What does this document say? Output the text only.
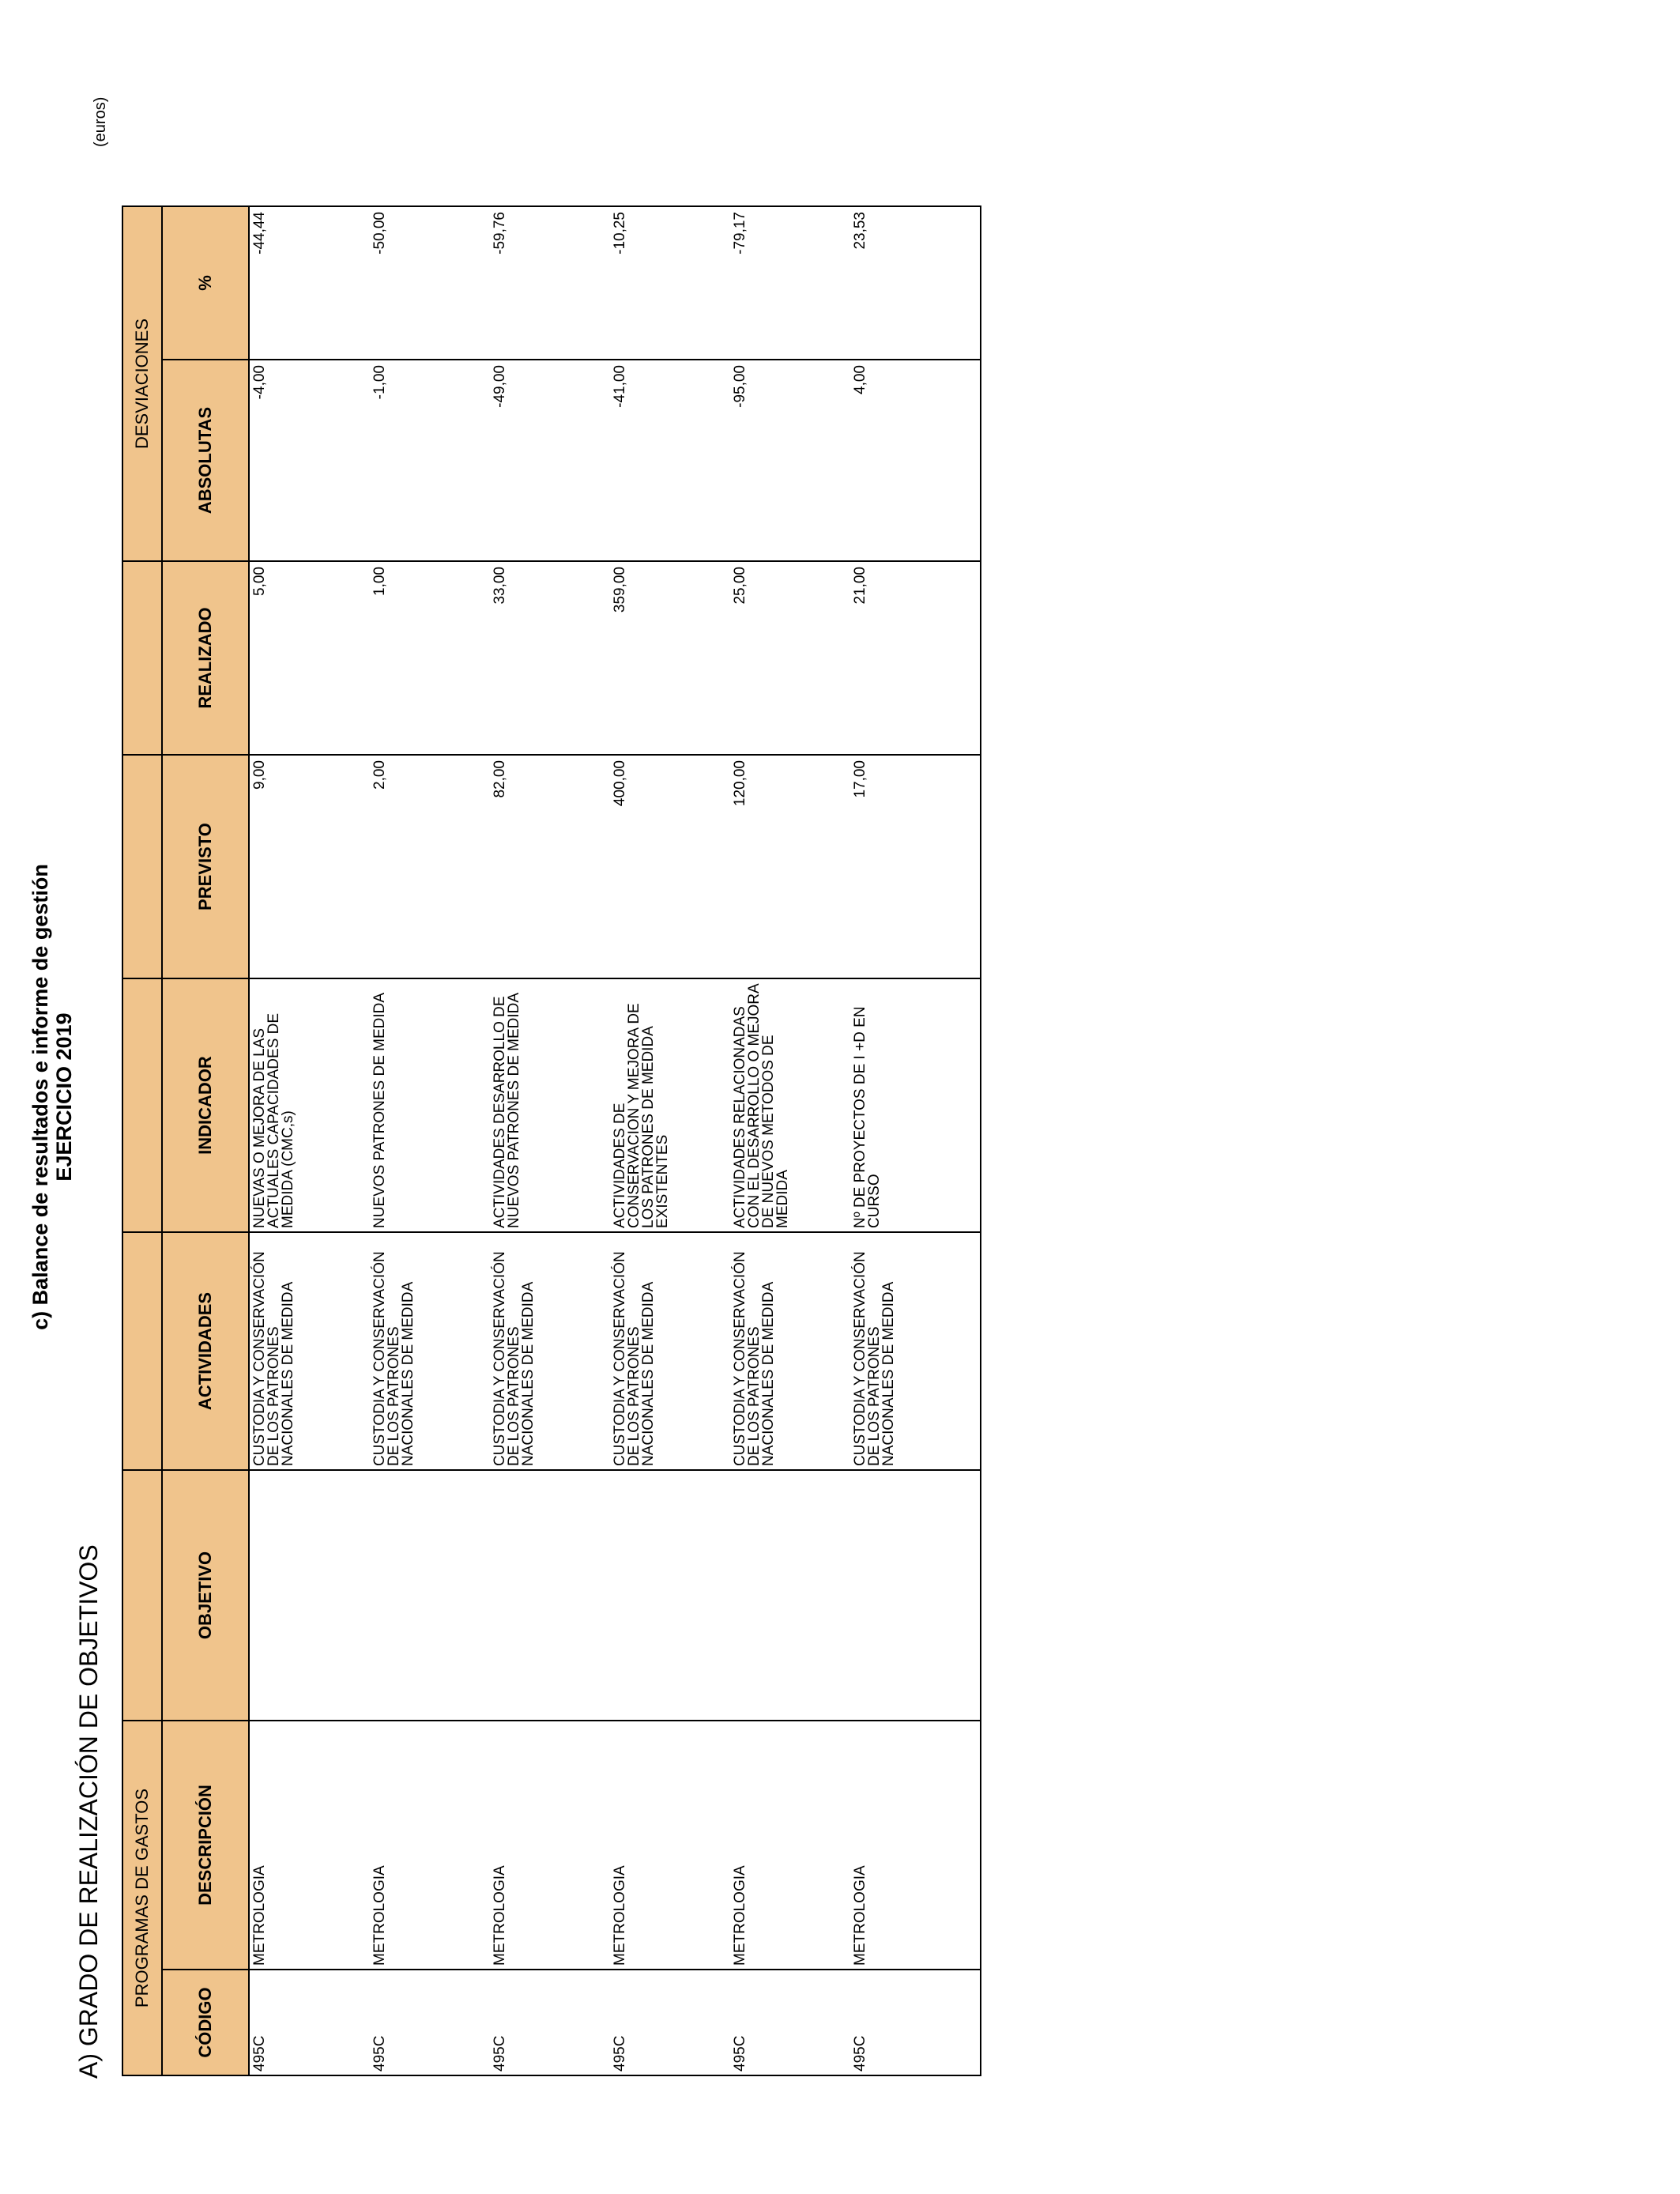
c) Balance de resultados e informe de gestión EJERCICIO 2019
A) GRADO DE REALIZACIÓN DE OBJETIVOS
(euros)
PROGRAMAS DE GASTOS							DESVIACIONES	
CÓDIGO	DESCRIPCIÓN	OBJETIVO	ACTIVIDADES	INDICADOR	PREVISTO	REALIZADO	ABSOLUTAS	%
495C	METROLOGIA		CUSTODIA Y CONSERVACIÓN DE LOS PATRONES NACIONALES DE MEDIDA	NUEVAS O MEJORA DE LAS ACTUALES CAPACIDADES DE MEDIDA (CMC,s)	9,00	5,00	-4,00	-44,44
495C	METROLOGIA		CUSTODIA Y CONSERVACIÓN DE LOS PATRONES NACIONALES DE MEDIDA	NUEVOS PATRONES DE MEDIDA	2,00	1,00	-1,00	-50,00
495C	METROLOGIA		CUSTODIA Y CONSERVACIÓN DE LOS PATRONES NACIONALES DE MEDIDA	ACTIVIDADES DESARROLLO DE NUEVOS PATRONES DE MEDIDA	82,00	33,00	-49,00	-59,76
495C	METROLOGIA		CUSTODIA Y CONSERVACIÓN DE LOS PATRONES NACIONALES DE MEDIDA	ACTIVIDADES DE CONSERVACION Y MEJORA DE LOS PATRONES DE MEDIDA EXISTENTES	400,00	359,00	-41,00	-10,25
495C	METROLOGIA		CUSTODIA Y CONSERVACIÓN DE LOS PATRONES NACIONALES DE MEDIDA	ACTIVIDADES RELACIONADAS CON EL DESARROLLO O MEJORA DE NUEVOS METODOS DE MEDIDA	120,00	25,00	-95,00	-79,17
495C	METROLOGIA		CUSTODIA Y CONSERVACIÓN DE LOS PATRONES NACIONALES DE MEDIDA	Nº DE PROYECTOS DE I +D EN CURSO	17,00	21,00	4,00	23,53
